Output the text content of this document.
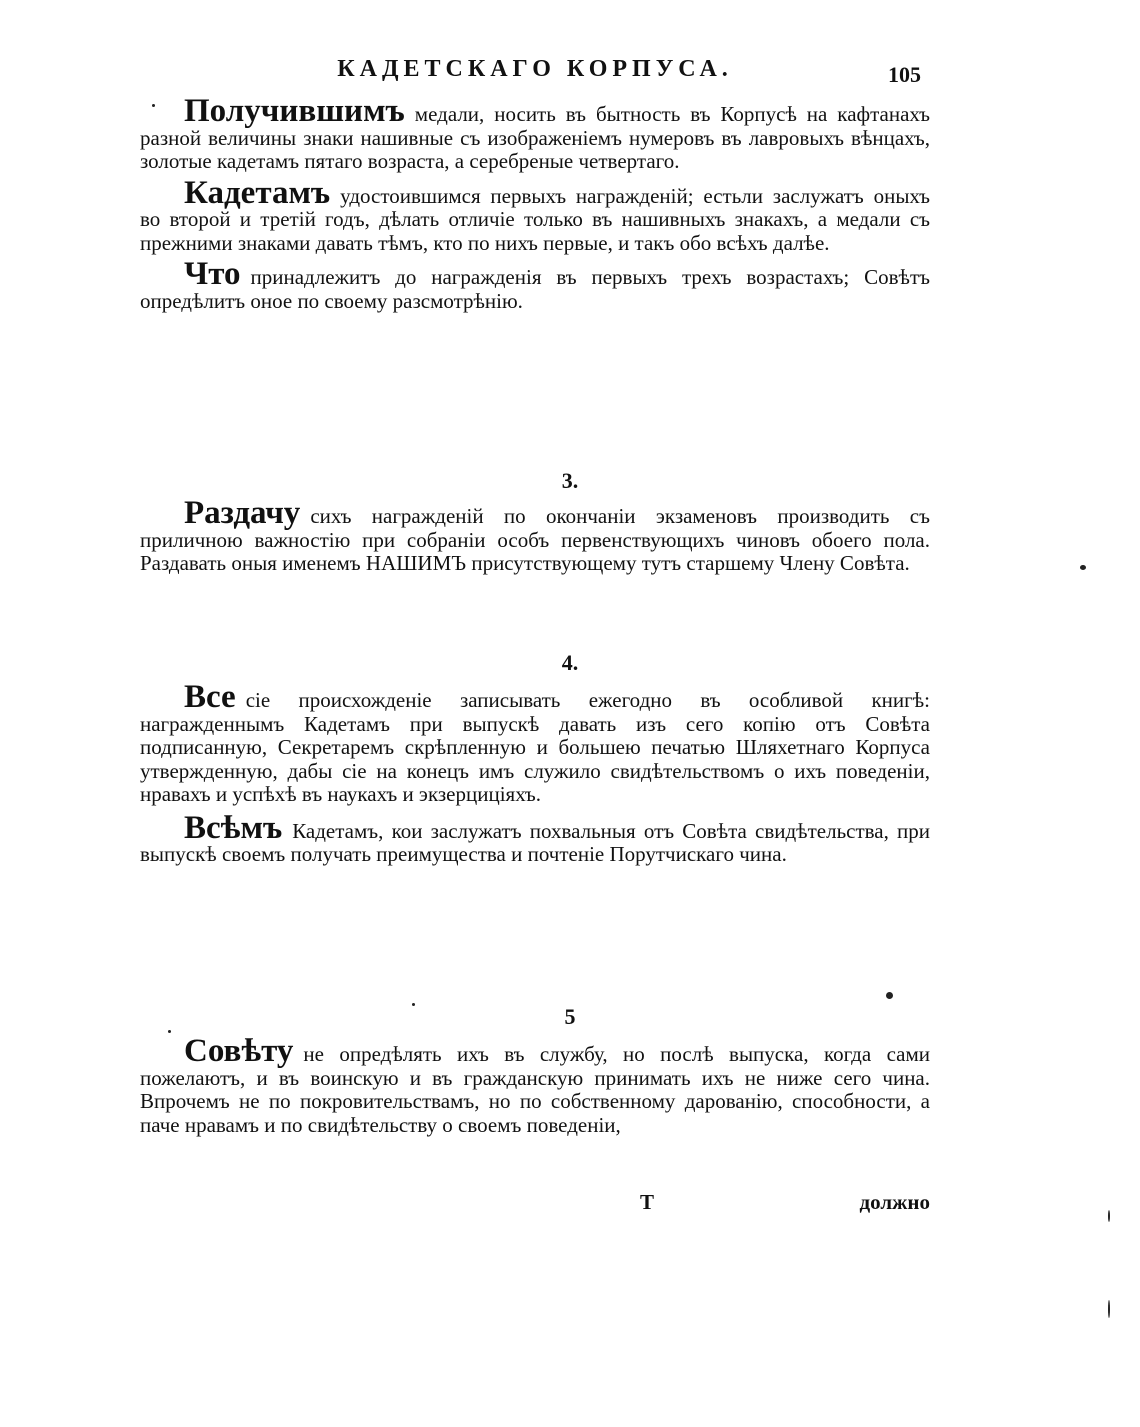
КАДЕТСКАГО КОРПУСА.	105

Получившимъ медали, носить въ бытность въ Корпусѣ на кафтанахъ разной величины знаки нашивные съ изображенiемъ нумеровъ въ лавровыхъ вѣнцахъ, золотые кадетамъ пятаго возраста, а серебреные четвертаго.

Кадетамъ удостоившимся первыхъ награжденiй; естьли заслужатъ оныхъ во второй и третiй годъ, дѣлать отличiе только въ нашивныхъ знакахъ, а медали съ прежними знаками давать тѣмъ, кто по нихъ первые, и такъ обо всѣхъ далѣе.

Что принадлежитъ до награжденiя въ первыхъ трехъ возрастахъ; Совѣтъ опредѣлитъ оное по своему разсмотрѣнiю.

3.

Раздачу сихъ награжденiй по окончанiи экзаменовъ производить съ приличною важностiю при собранiи особъ первенствующихъ чиновъ обоего пола. Раздавать оныя именемъ НАШИМЪ присутствующему тутъ старшему Члену Совѣта.

4.

Все сiе происхожденiе записывать ежегодно въ особливой книгѣ: награжденнымъ Кадетамъ при выпускѣ давать изъ сего копiю отъ Совѣта подписанную, Секретаремъ скрѣпленную и большею печатью Шляхетнаго Корпуса утвержденную, дабы сiе на конецъ имъ служило свидѣтельствомъ о ихъ поведенiи, нравахъ и успѣхѣ въ наукахъ и экзерцицiяхъ.

Всѣмъ Кадетамъ, кои заслужатъ похвальныя отъ Совѣта свидѣтельства, при выпускѣ своемъ получать преимущества и почтенiе Порутчискаго чина.

5

Совѣту не опредѣлять ихъ въ службу, но послѣ выпуска, когда сами пожелаютъ, и въ воинскую и въ гражданскую принимать ихъ не ниже сего чина. Впрочемъ не по покровительствамъ, но по собственному дарованiю, способности, а паче нравамъ и по свидѣтельству о своемъ поведенiи,

Т	должно
